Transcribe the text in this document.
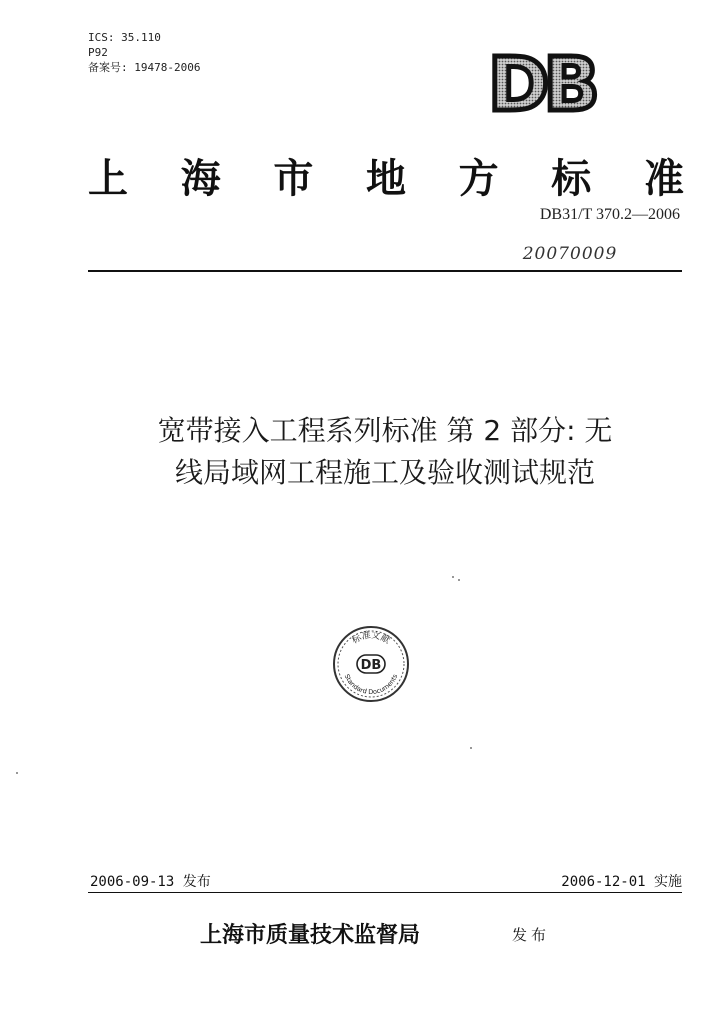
ICS: 35.110
P92
备案号: 19478-2006	DB
上 海 市 地 方 标 准
DB31/T 370.2—2006
20070009
宽带接入工程系列标准 第 2 部分: 无
线局域网工程施工及验收测试规范
标准文献
Standard Documents
DB
2006-09-13 发布	2006-12-01 实施
上海市质量技术监督局	发布
